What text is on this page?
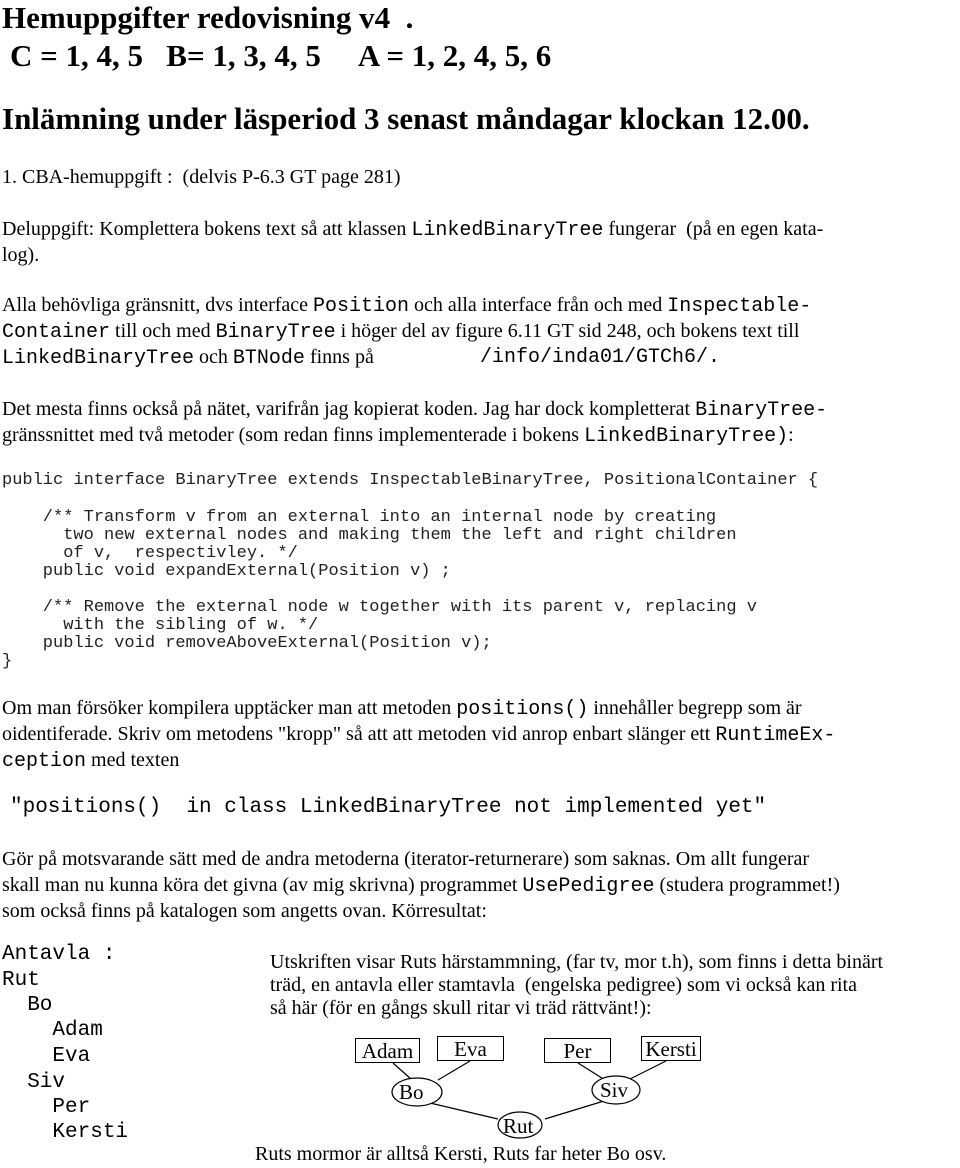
Hemuppgifter redovisning v4  .
C = 1, 4, 5   B= 1, 3, 4, 5     A = 1, 2, 4, 5, 6
Inlämning under läsperiod 3 senast måndagar klockan 12.00.
1. CBA-hemuppgift :  (delvis P-6.3 GT page 281)
Deluppgift: Komplettera bokens text så att klassen LinkedBinaryTree fungerar  (på en egen kata-
log).
Alla behövliga gränsnitt, dvs interface Position och alla interface från och med Inspectable-
Container till och med BinaryTree i höger del av figure 6.11 GT sid 248, och bokens text till
LinkedBinaryTree och BTNode finns på	/info/inda01/GTCh6/.
Det mesta finns också på nätet, varifrån jag kopierat koden. Jag har dock kompletterat BinaryTree-
gränssnittet med två metoder (som redan finns implementerade i bokens LinkedBinaryTree):
public interface BinaryTree extends InspectableBinaryTree, PositionalContainer {
/** Transform v from an external into an internal node by creating
two new external nodes and making them the left and right children
of v,  respectivley. */
public void expandExternal(Position v) ;
/** Remove the external node w together with its parent v, replacing v
with the sibling of w. */
public void removeAboveExternal(Position v);
}
Om man försöker kompilera upptäcker man att metoden positions() innehåller begrepp som är
oidentiferade. Skriv om metodens "kropp" så att att metoden vid anrop enbart slänger ett RuntimeEx-
ception med texten
"positions()  in class LinkedBinaryTree not implemented yet"
Gör på motsvarande sätt med de andra metoderna (iterator-returnerare) som saknas. Om allt fungerar
skall man nu kunna köra det givna (av mig skrivna) programmet UsePedigree (studera programmet!)
som också finns på katalogen som angetts ovan. Körresultat:
Antavla :
Rut
Bo
Adam
Eva
Siv
Per
Kersti
Utskriften visar Ruts härstammning, (far tv, mor t.h), som finns i detta binärt
träd, en antavla eller stamtavla  (engelska pedigree) som vi också kan rita
så här (för en gångs skull ritar vi träd rättvänt!):
Adam	Eva	Per	Kersti
Bo	Siv
Rut
Ruts mormor är alltså Kersti, Ruts far heter Bo osv.
